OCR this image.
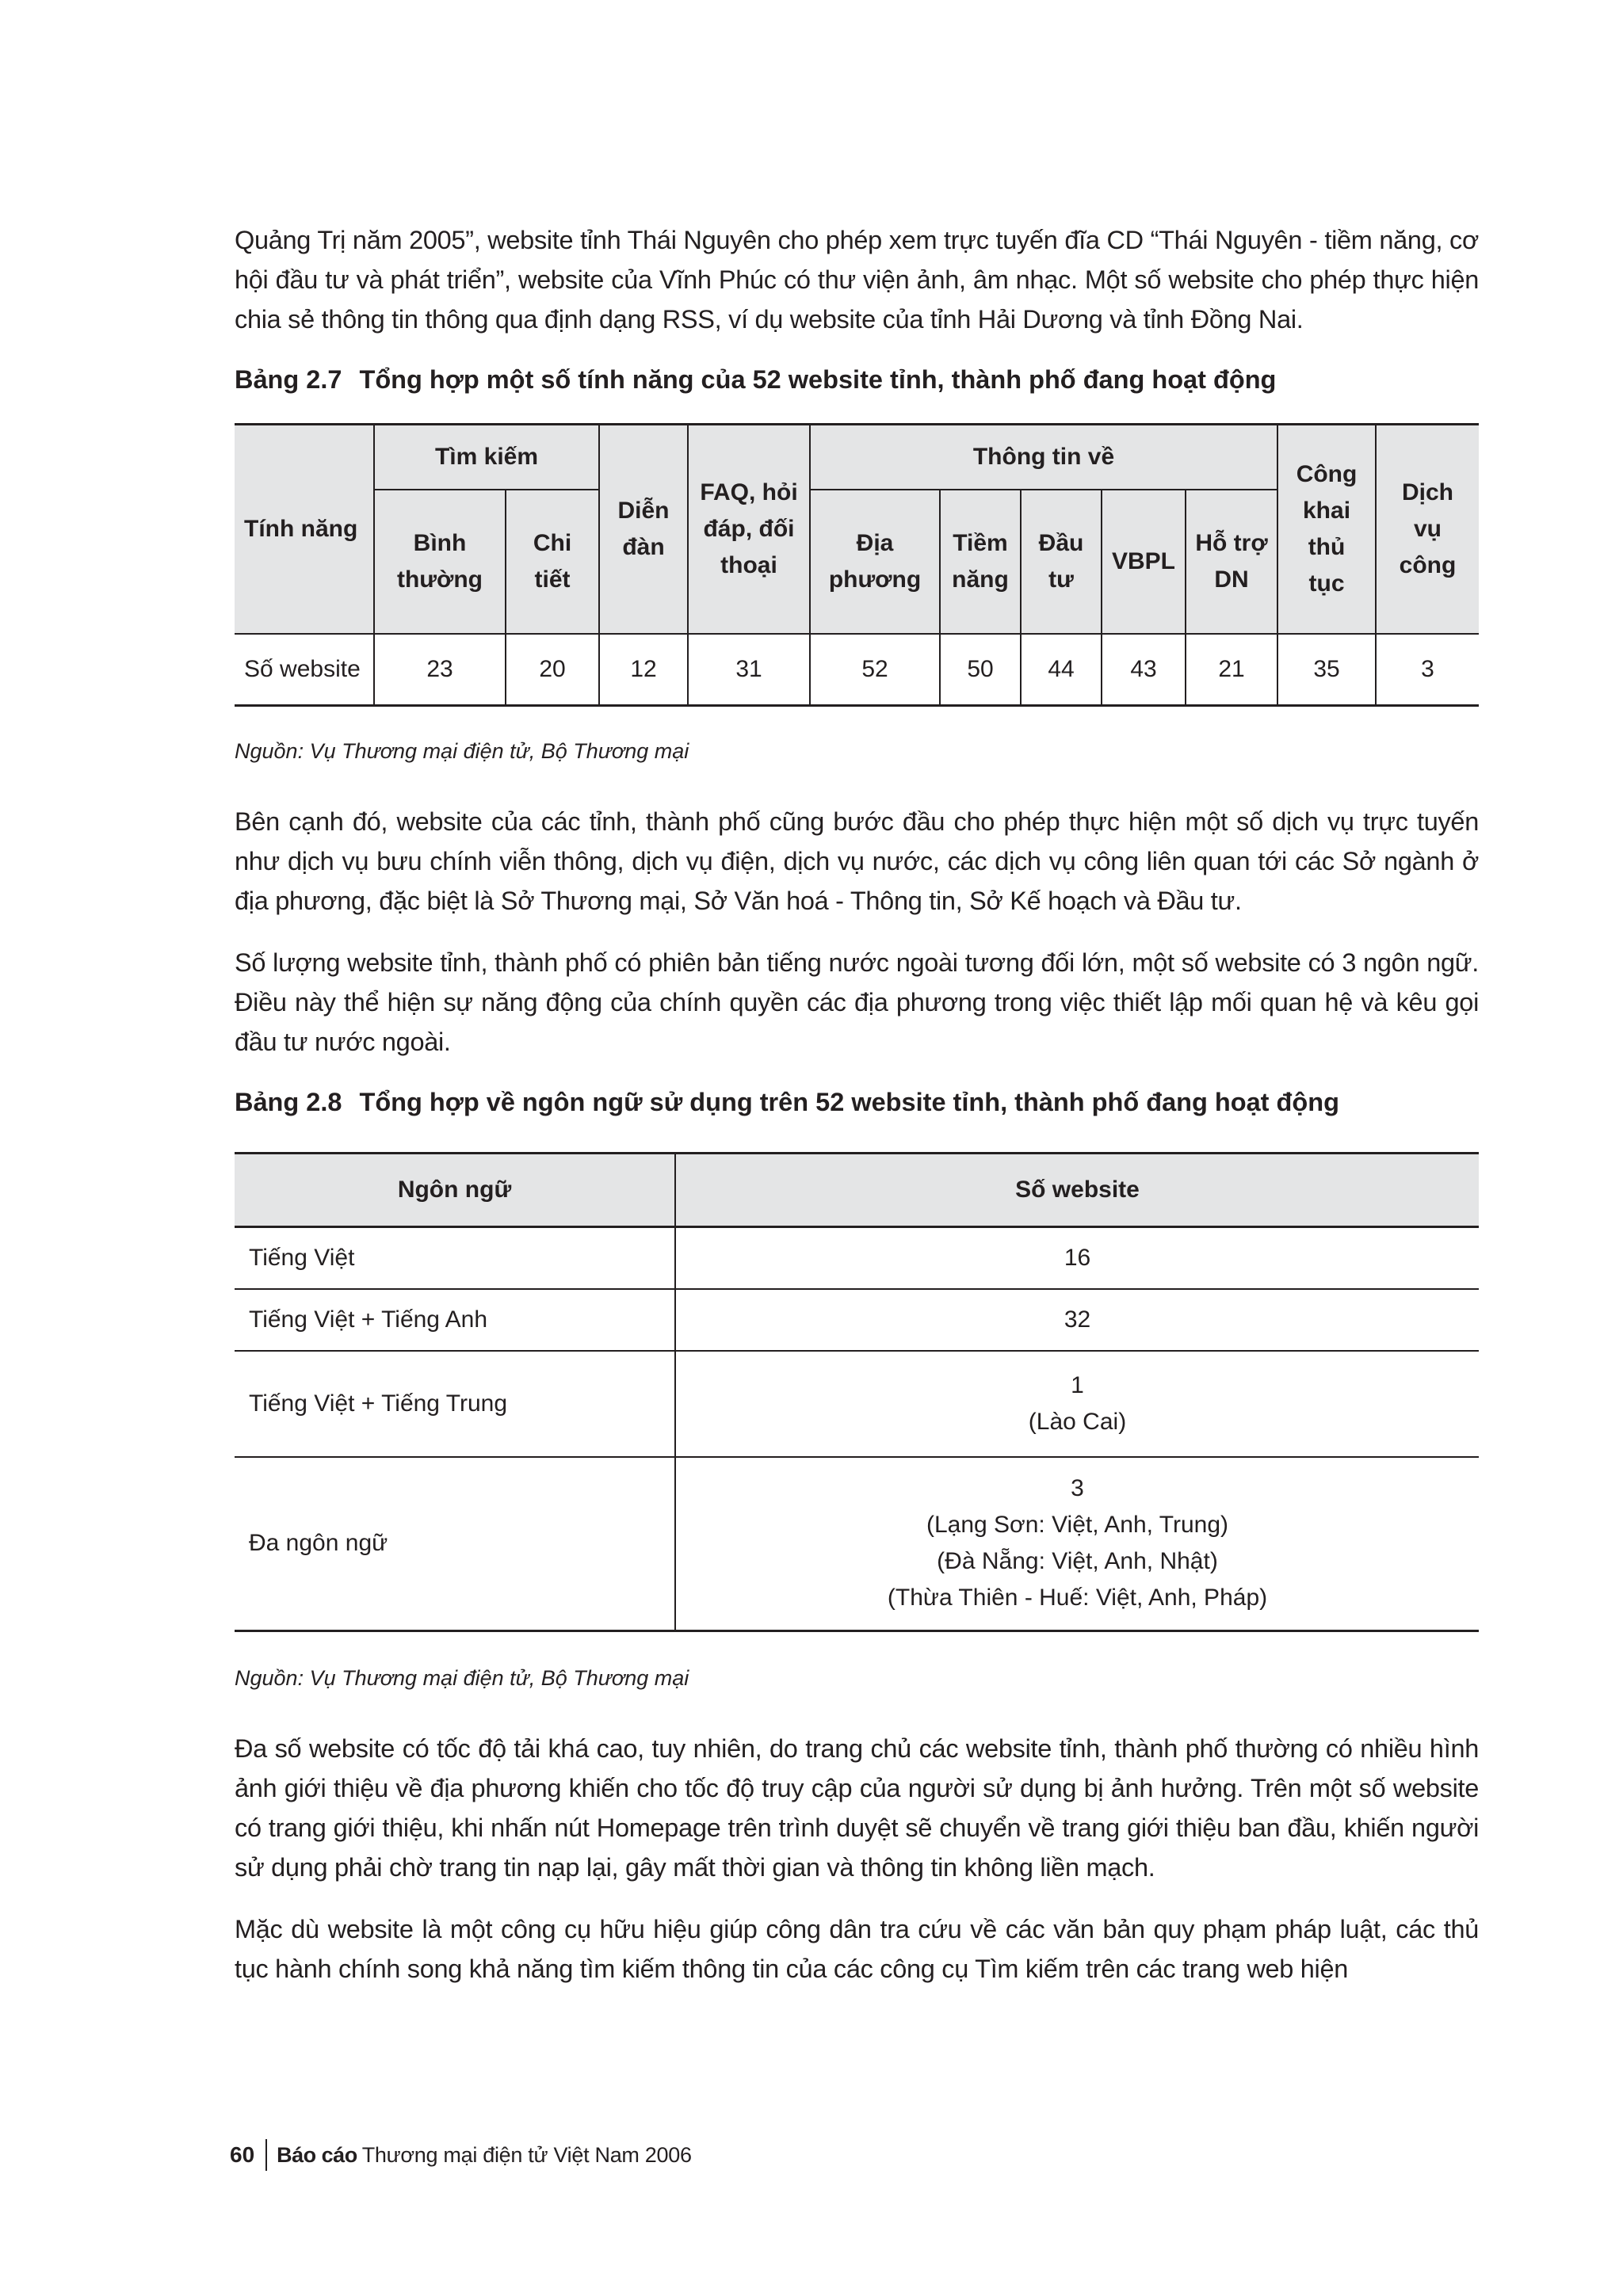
Quảng Trị năm 2005”, website tỉnh Thái Nguyên cho phép xem trực tuyến đĩa CD “Thái Nguyên - tiềm năng, cơ hội đầu tư và phát triển”, website của Vĩnh Phúc có thư viện ảnh, âm nhạc. Một số website cho phép thực hiện chia sẻ thông tin thông qua định dạng RSS, ví dụ website của tỉnh Hải Dương và tỉnh Đồng Nai.

Bảng 2.7 Tổng hợp một số tính năng của 52 website tỉnh, thành phố đang hoạt động

Tính năng	Tìm kiếm		Diễn đàn	FAQ, hỏi đáp, đối thoại	Thông tin về					Công khai thủ tục	Dịch vụ công
	Bình thường	Chi tiết			Địa phương	Tiềm năng	Đầu tư	VBPL	Hỗ trợ DN		
Số website	23	20	12	31	52	50	44	43	21	35	3

Nguồn: Vụ Thương mại điện tử, Bộ Thương mại

Bên cạnh đó, website của các tỉnh, thành phố cũng bước đầu cho phép thực hiện một số dịch vụ trực tuyến như dịch vụ bưu chính viễn thông, dịch vụ điện, dịch vụ nước, các dịch vụ công liên quan tới các Sở ngành ở địa phương, đặc biệt là Sở Thương mại, Sở Văn hoá - Thông tin, Sở Kế hoạch và Đầu tư.

Số lượng website tỉnh, thành phố có phiên bản tiếng nước ngoài tương đối lớn, một số website có 3 ngôn ngữ. Điều này thể hiện sự năng động của chính quyền các địa phương trong việc thiết lập mối quan hệ và kêu gọi đầu tư nước ngoài.

Bảng 2.8 Tổng hợp về ngôn ngữ sử dụng trên 52 website tỉnh, thành phố đang hoạt động

Ngôn ngữ	Số website
Tiếng Việt	16

Tiếng Việt + Tiếng Anh	32

Tiếng Việt + Tiếng Trung	1
(Lào Cai)

Đa ngôn ngữ	3
(Lạng Sơn: Việt, Anh, Trung)
(Đà Nẵng: Việt, Anh, Nhật)
(Thừa Thiên - Huế: Việt, Anh, Pháp)

Nguồn: Vụ Thương mại điện tử, Bộ Thương mại

Đa số website có tốc độ tải khá cao, tuy nhiên, do trang chủ các website tỉnh, thành phố thường có nhiều hình ảnh giới thiệu về địa phương khiến cho tốc độ truy cập của người sử dụng bị ảnh hưởng. Trên một số website có trang giới thiệu, khi nhấn nút Homepage trên trình duyệt sẽ chuyển về trang giới thiệu ban đầu, khiến người sử dụng phải chờ trang tin nạp lại, gây mất thời gian và thông tin không liền mạch.

Mặc dù website là một công cụ hữu hiệu giúp công dân tra cứu về các văn bản quy phạm pháp luật, các thủ tục hành chính song khả năng tìm kiếm thông tin của các công cụ Tìm kiếm trên các trang web hiện

60	Báo cáo Thương mại điện tử Việt Nam 2006
